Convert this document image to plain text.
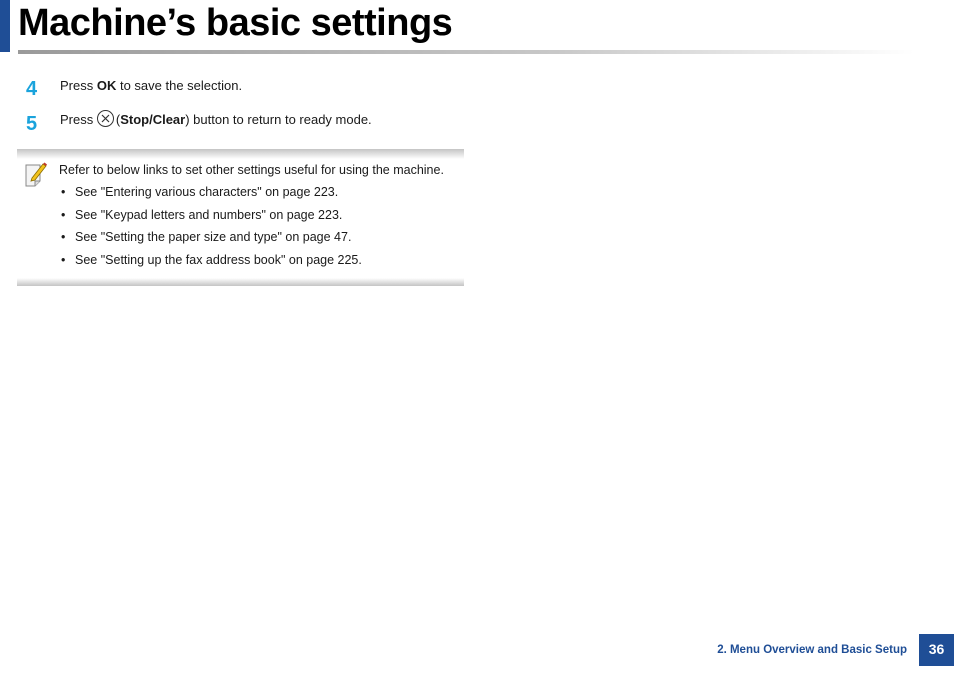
Machine’s basic settings
4	Press OK to save the selection.
5	Press
(Stop/Clear) button to return to ready mode.
Refer to below links to set other settings useful for using the machine.
• See "Entering various characters" on page 223.
• See "Keypad letters and numbers" on page 223.
• See "Setting the paper size and type" on page 47.
• See "Setting up the fax address book" on page 225.
2. Menu Overview and Basic Setup	36
